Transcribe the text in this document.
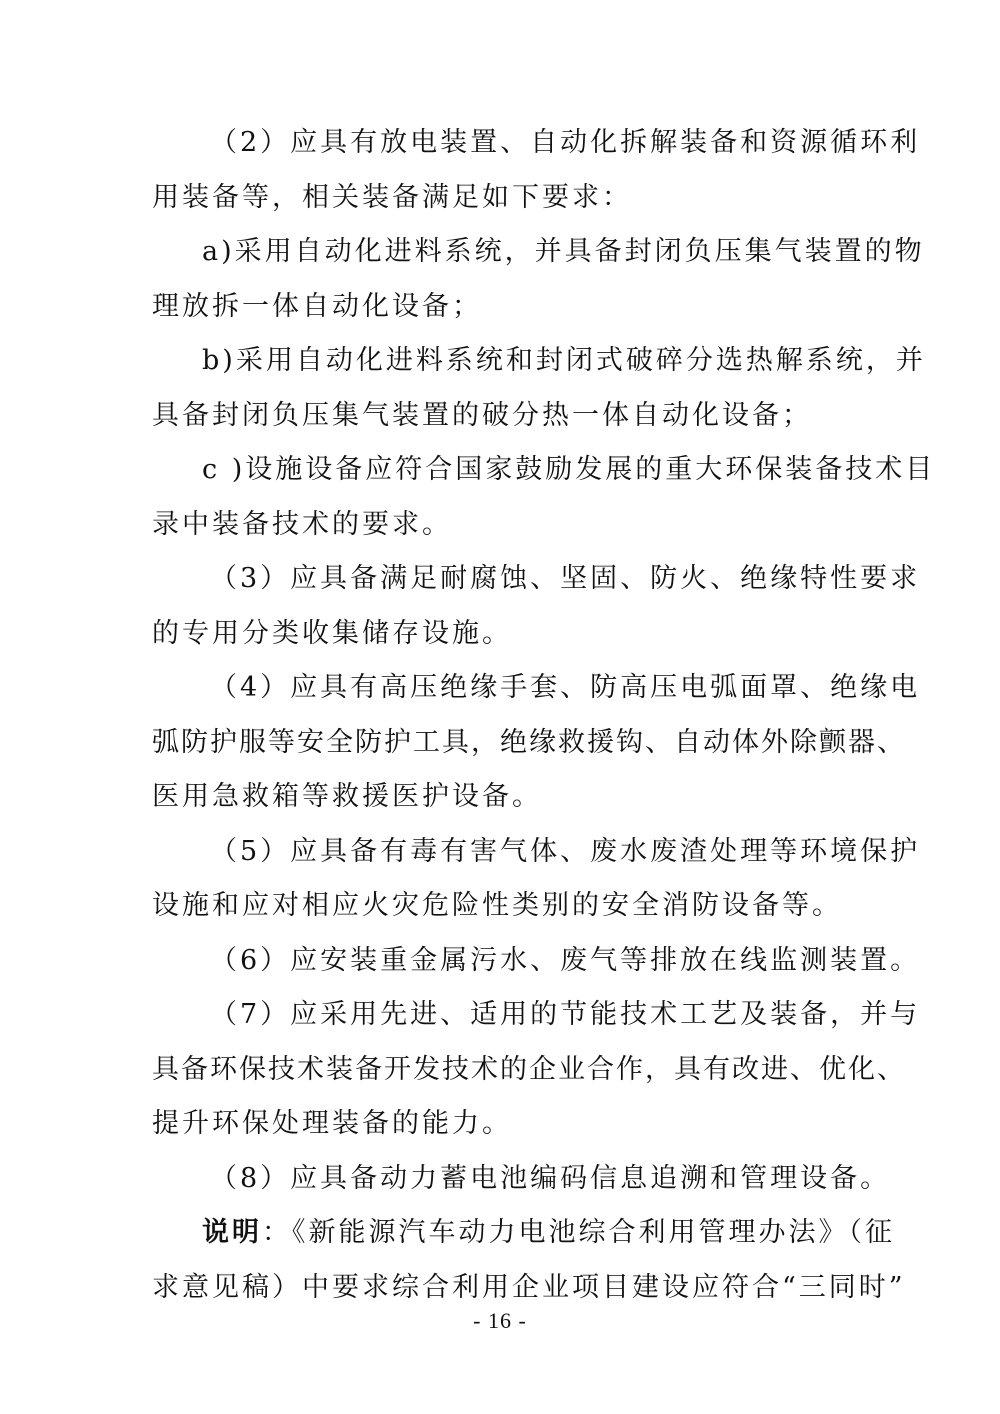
（2）应具有放电装置、自动化拆解装备和资源循环利
用装备等，相关装备满足如下要求：
a)采用自动化进料系统，并具备封闭负压集气装置的物
理放拆一体自动化设备；
b)采用自动化进料系统和封闭式破碎分选热解系统，并
具备封闭负压集气装置的破分热一体自动化设备；
c )设施设备应符合国家鼓励发展的重大环保装备技术目
录中装备技术的要求。
（3）应具备满足耐腐蚀、坚固、防火、绝缘特性要求
的专用分类收集储存设施。
（4）应具有高压绝缘手套、防高压电弧面罩、绝缘电
弧防护服等安全防护工具，绝缘救援钩、自动体外除颤器、
医用急救箱等救援医护设备。
（5）应具备有毒有害气体、废水废渣处理等环境保护
设施和应对相应火灾危险性类别的安全消防设备等。
（6）应安装重金属污水、废气等排放在线监测装置。
（7）应采用先进、适用的节能技术工艺及装备，并与
具备环保技术装备开发技术的企业合作，具有改进、优化、
提升环保处理装备的能力。
（8）应具备动力蓄电池编码信息追溯和管理设备。
说明：《新能源汽车动力电池综合利用管理办法》（征
求意见稿）中要求综合利用企业项目建设应符合“三同时”
- 16 -
